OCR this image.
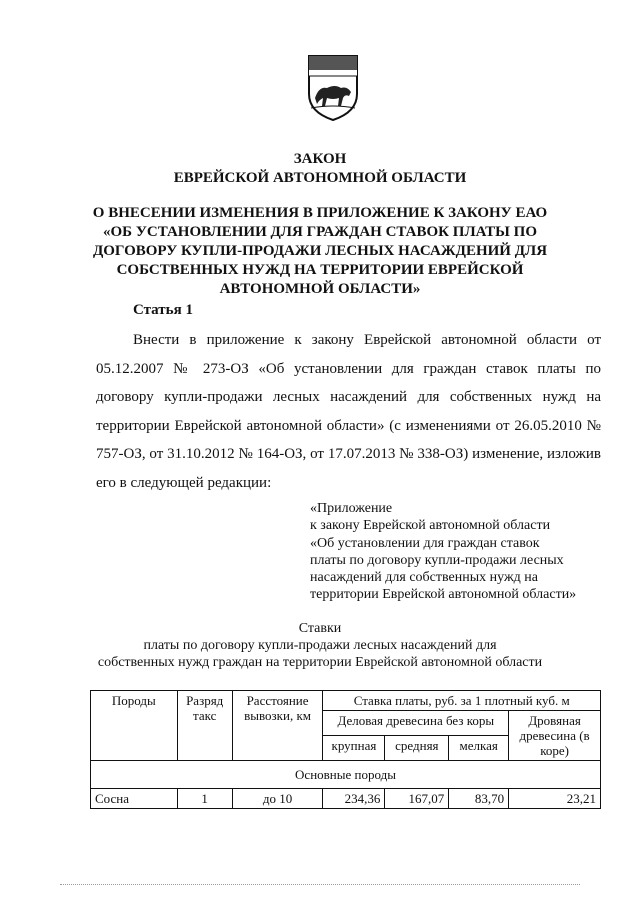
ЗАКОН
ЕВРЕЙСКОЙ АВТОНОМНОЙ ОБЛАСТИ
О ВНЕСЕНИИ ИЗМЕНЕНИЯ В ПРИЛОЖЕНИЕ К ЗАКОНУ ЕАО
«ОБ УСТАНОВЛЕНИИ ДЛЯ ГРАЖДАН СТАВОК ПЛАТЫ ПО
ДОГОВОРУ КУПЛИ-ПРОДАЖИ ЛЕСНЫХ НАСАЖДЕНИЙ ДЛЯ
СОБСТВЕННЫХ НУЖД НА ТЕРРИТОРИИ ЕВРЕЙСКОЙ
АВТОНОМНОЙ ОБЛАСТИ»
Статья 1
Внести в приложение к закону Еврейской автономной области от 05.12.2007 № 273-ОЗ «Об установлении для граждан ставок платы по договору купли-продажи лесных насаждений для собственных нужд на территории Еврейской автономной области» (с изменениями от 26.05.2010 № 757-ОЗ, от 31.10.2012 № 164-ОЗ, от 17.07.2013 № 338-ОЗ) изменение, изложив его в следующей редакции:
«Приложение
к закону Еврейской автономной области
«Об установлении для граждан ставок
платы по договору купли-продажи лесных
насаждений для собственных нужд на
территории Еврейской автономной области»
Ставки
платы по договору купли-продажи лесных насаждений для
собственных нужд граждан на территории Еврейской автономной области
Породы	Разряд такс	Расстояние вывозки, км	Ставка платы, руб. за 1 плотный куб. м			
			Деловая древесина без коры			Дровяная древесина (в коре)
			крупная	средняя	мелкая	
Основные породы						
Сосна	1	до 10	234,36	167,07	83,70	23,21
